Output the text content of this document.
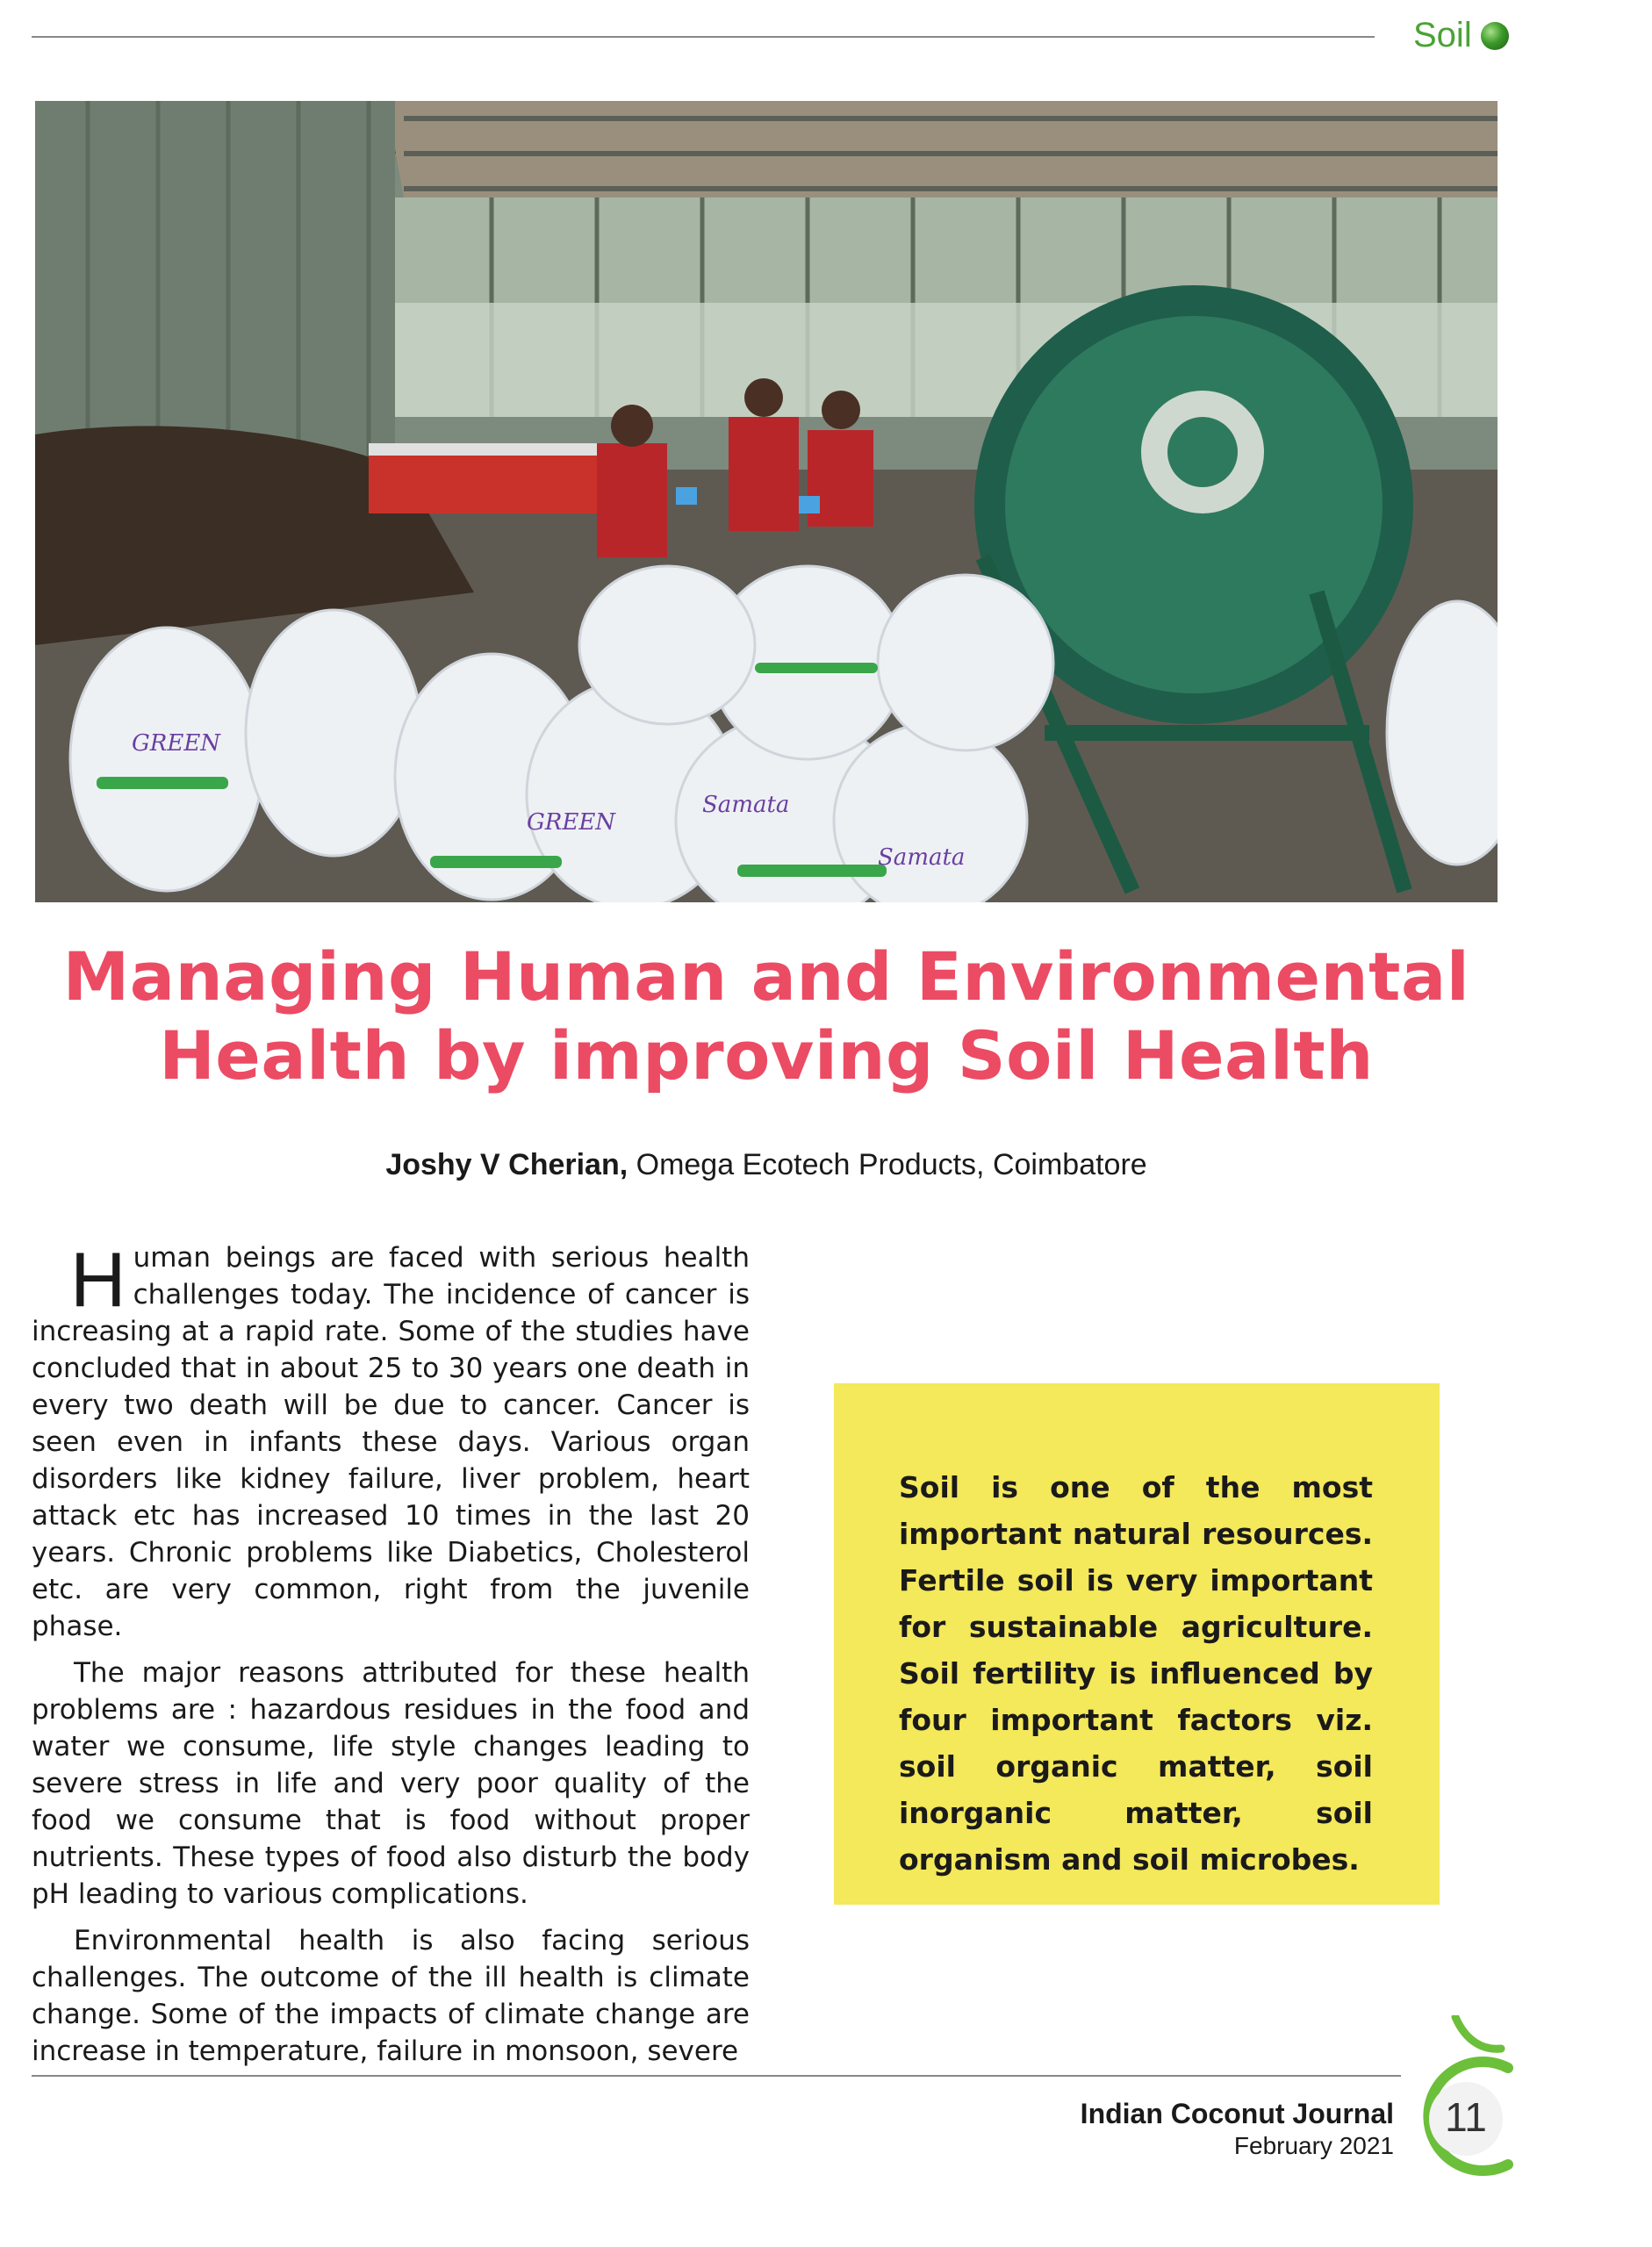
Soil
GREEN
Samata
GREEN
Samata
Managing Human and Environmental
Health by improving Soil Health
Joshy V Cherian, Omega Ecotech Products, Coimbatore

Human beings are faced with serious health challenges today. The incidence of cancer is increasing at a rapid rate. Some of the studies have concluded that in about 25 to 30 years one death in every two death will be due to cancer. Cancer is seen even in infants these days. Various organ disorders like kidney failure, liver problem, heart attack etc has increased 10 times in the last 20 years. Chronic problems like Diabetics, Cholesterol etc. are very common, right from the juvenile phase.

The major reasons attributed for these health problems are : hazardous residues in the food and water we consume, life style changes leading to severe stress in life and very poor quality of the food we consume that is food without proper nutrients. These types of food also disturb the body pH leading to various complications.

Environmental health is also facing serious challenges. The outcome of the ill health is climate change. Some of the impacts of climate change are increase in temperature, failure in monsoon, severe

Soil is one of the most important natural resources. Fertile soil is very important for sustainable agriculture. Soil fertility is influenced by four important factors viz. soil organic matter, soil inorganic matter, soil organism and soil microbes.
Indian Coconut Journal
February 2021
11
